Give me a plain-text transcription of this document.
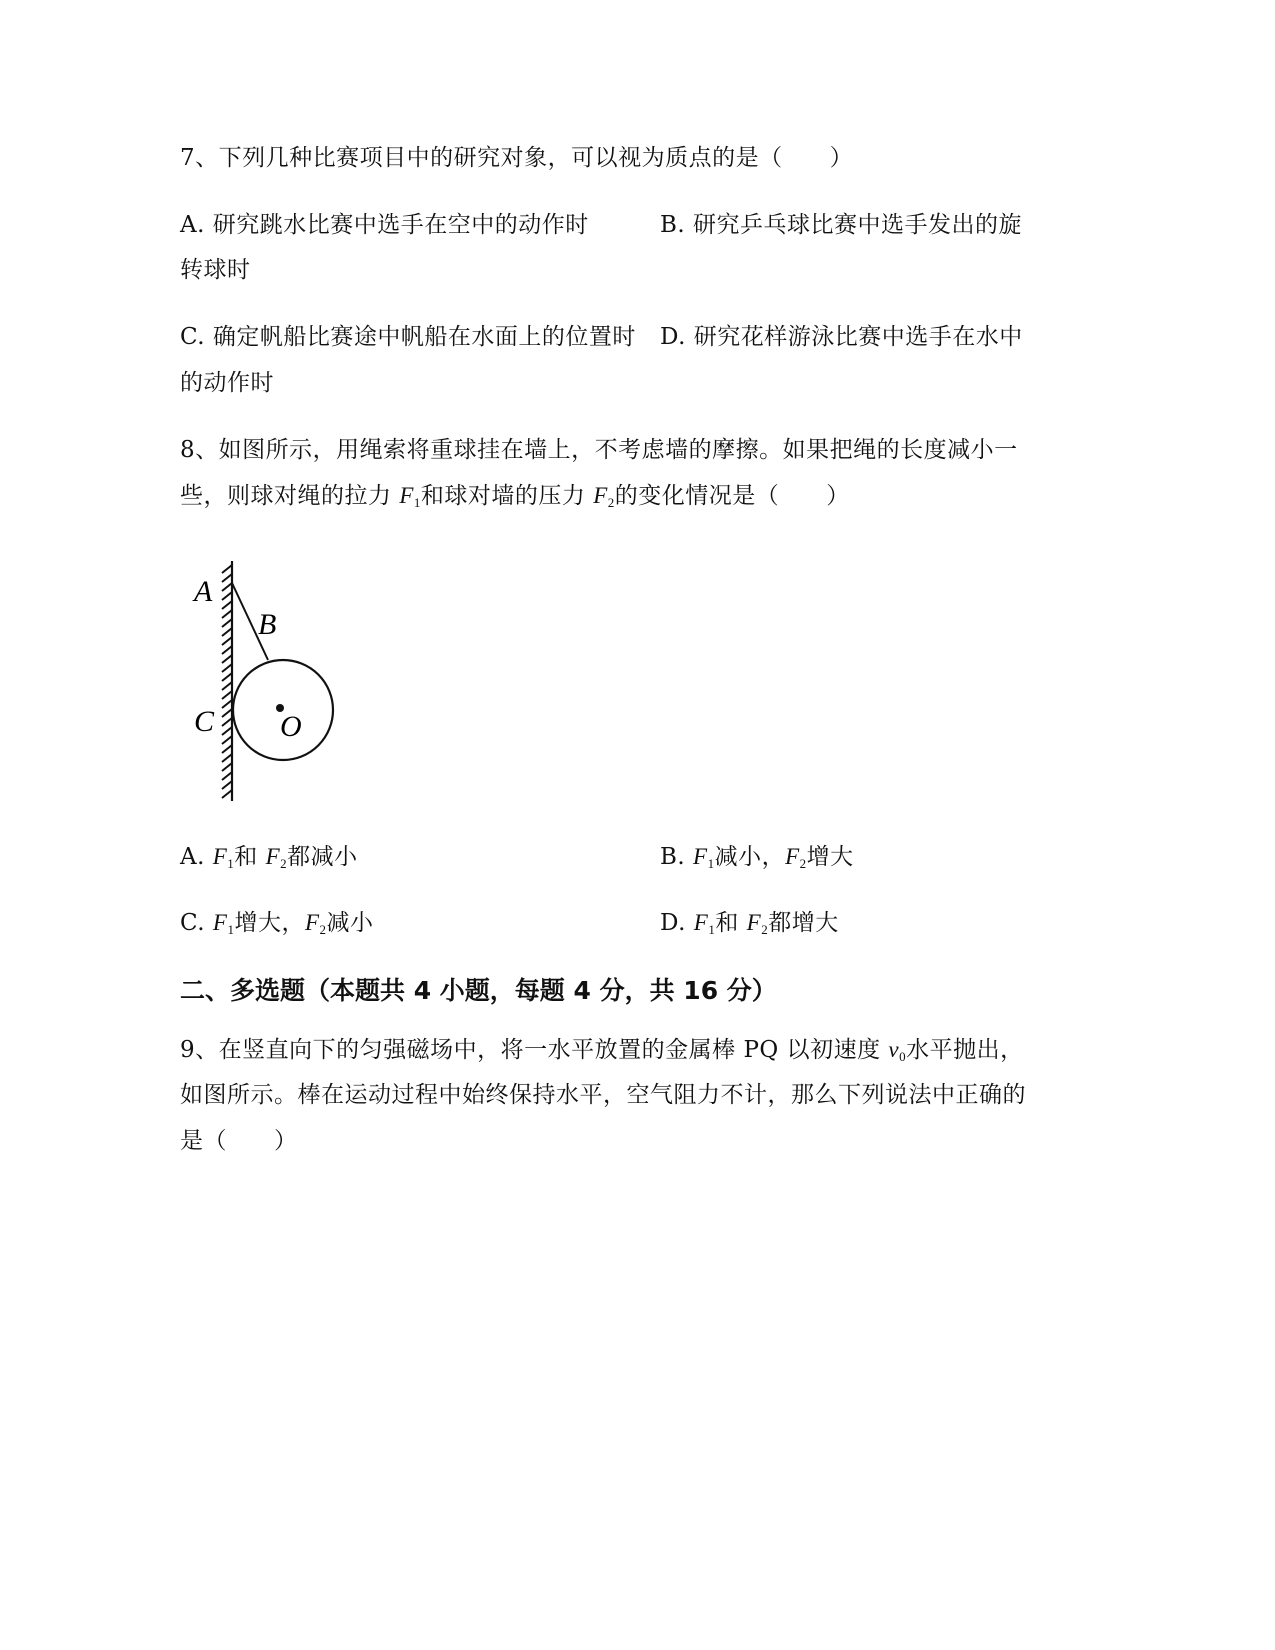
7、下列几种比赛项目中的研究对象，可以视为质点的是（　　）
A. 研究跳水比赛中选手在空中的动作时	B. 研究乒乓球比赛中选手发出的旋
转球时
C. 确定帆船比赛途中帆船在水面上的位置时 D. 研究花样游泳比赛中选手在水中
的动作时
8、如图所示，用绳索将重球挂在墙上，不考虑墙的摩擦。如果把绳的长度减小一
些，则球对绳的拉力 $F_1$和球对墙的压力 $F_2$的变化情况是（　　）
A
B
C O
A. $F_1$和 $F_2$都减小	B. $F_1$减小，$F_2$增大
C. $F_1$增大，$F_2$减小	D. $F_1$和 $F_2$都增大
二、多选题（本题共 4 小题，每题 4 分，共 16 分）
9、在竖直向下的匀强磁场中，将一水平放置的金属棒 PQ 以初速度 $v_0$水平抛出，
如图所示。棒在运动过程中始终保持水平，空气阻力不计，那么下列说法中正确的
是（　　）
